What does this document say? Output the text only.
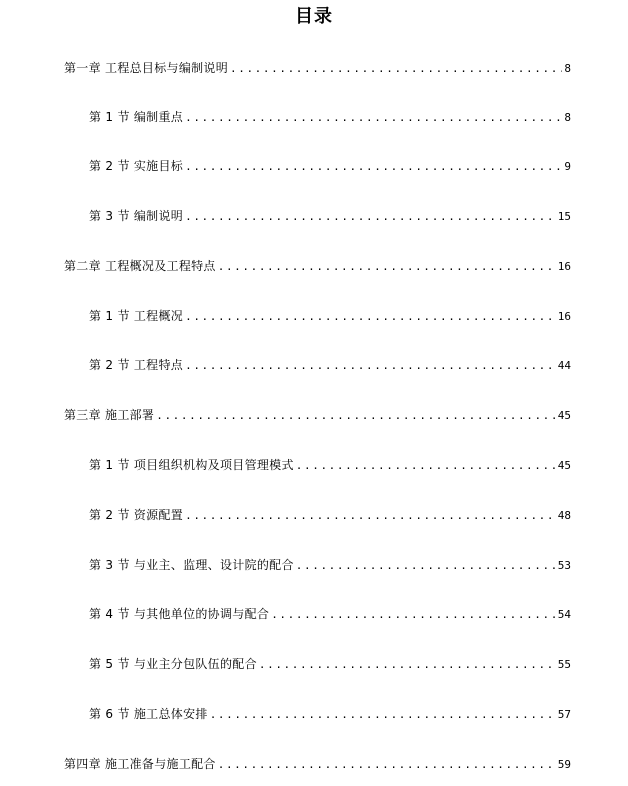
目录
第一章 工程总目标与编制说明 .....	8
第 1 节 编制重点 .....	8
第 2 节 实施目标 .....	9
第 3 节 编制说明 .....	15
第二章 工程概况及工程特点 .....	16
第 1 节 工程概况 .....	16
第 2 节 工程特点 .....	44
第三章 施工部署 .....	45
第 1 节 项目组织机构及项目管理模式 .....	45
第 2 节 资源配置 .....	48
第 3 节 与业主、监理、设计院的配合 .....	53
第 4 节 与其他单位的协调与配合 .....	54
第 5 节 与业主分包队伍的配合 .....	55
第 6 节 施工总体安排 .....	57
第四章 施工准备与施工配合 .....	59
